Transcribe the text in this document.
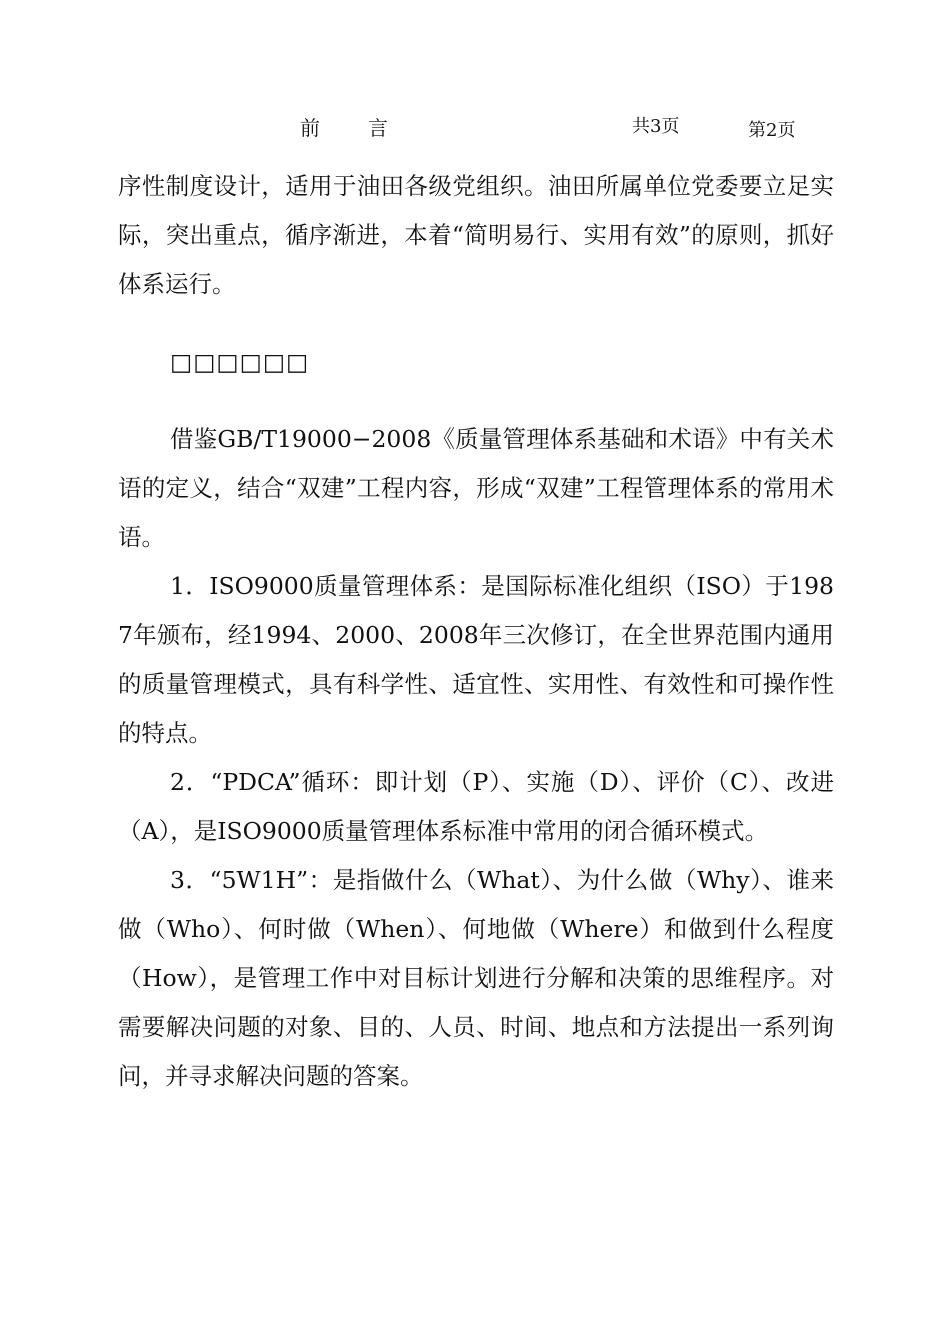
前言	共3页	第2页

序性制度设计，适用于油田各级党组织。油田所属单位党委要立足实际，突出重点，循序渐进，本着“简明易行、实用有效”的原则，抓好体系运行。

□□□□□□

借鉴GB/T19000−2008《质量管理体系基础和术语》中有关术语的定义，结合“双建”工程内容，形成“双建”工程管理体系的常用术语。

1．ISO9000质量管理体系：是国际标准化组织（ISO）于1987年颁布，经1994、2000、2008年三次修订，在全世界范围内通用的质量管理模式，具有科学性、适宜性、实用性、有效性和可操作性的特点。

2．“PDCA”循环：即计划（P）、实施（D）、评价（C）、改进（A），是ISO9000质量管理体系标准中常用的闭合循环模式。

3．“5W1H”：是指做什么（What）、为什么做（Why）、谁来做（Who）、何时做（When）、何地做（Where）和做到什么程度（How），是管理工作中对目标计划进行分解和决策的思维程序。对需要解决问题的对象、目的、人员、时间、地点和方法提出一系列询问，并寻求解决问题的答案。
